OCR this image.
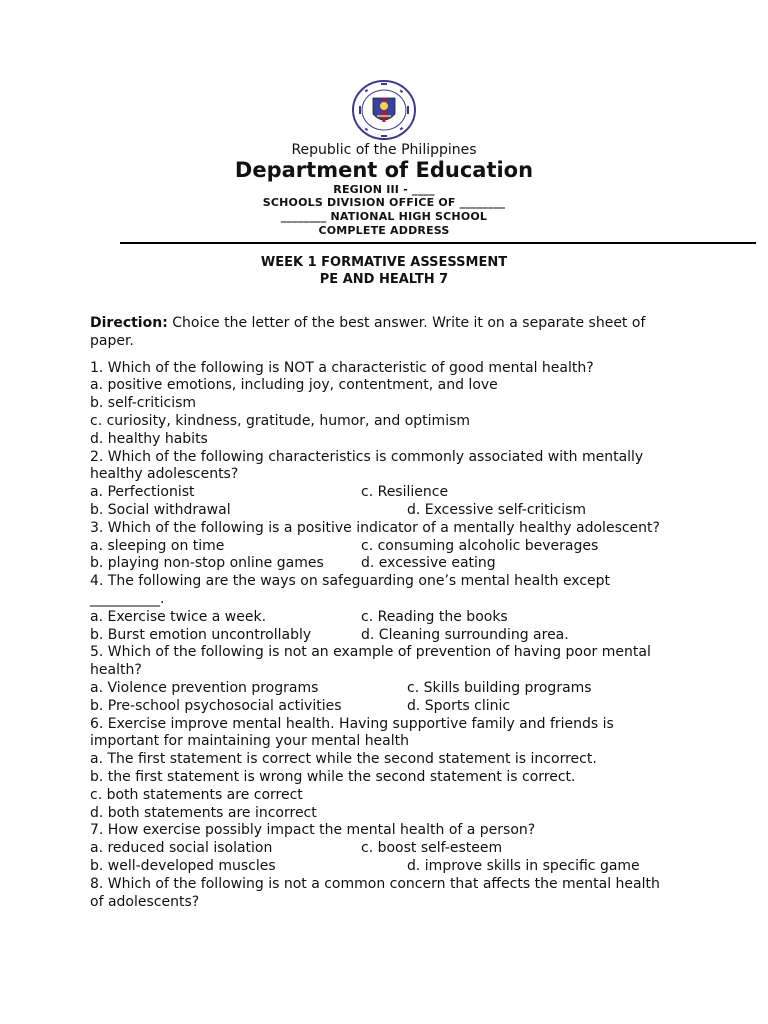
Republic of the Philippines
Department of Education
REGION III - ____
SCHOOLS DIVISION OFFICE OF ________
________ NATIONAL HIGH SCHOOL
COMPLETE ADDRESS
WEEK 1 FORMATIVE ASSESSMENT
PE AND HEALTH 7
Direction: Choice the letter of the best answer. Write it on a separate sheet of paper.
1. Which of the following is NOT a characteristic of good mental health?
a. positive emotions, including joy, contentment, and love
b. self-criticism
c. curiosity, kindness, gratitude, humor, and optimism
d. healthy habits
2. Which of the following characteristics is commonly associated with mentally healthy adolescents?
a. Perfectionist	c. Resilience
b. Social withdrawal	d. Excessive self-criticism
3. Which of the following is a positive indicator of a mentally healthy adolescent?
a. sleeping on time	c. consuming alcoholic beverages
b. playing non-stop online games	d. excessive eating
4. The following are the ways on safeguarding one’s mental health except __________.
a. Exercise twice a week.	c. Reading the books
b. Burst emotion uncontrollably	d. Cleaning surrounding area.
5. Which of the following is not an example of prevention of having poor mental health?
a. Violence prevention programs	c. Skills building programs
b. Pre-school psychosocial activities	d. Sports clinic
6. Exercise improve mental health. Having supportive family and friends is important for maintaining your mental health
a. The first statement is correct while the second statement is incorrect.
b. the first statement is wrong while the second statement is correct.
c. both statements are correct
d. both statements are incorrect
7. How exercise possibly impact the mental health of a person?
a. reduced social isolation	c. boost self-esteem
b. well-developed muscles	d. improve skills in specific game
8. Which of the following is not a common concern that affects the mental health of adolescents?
